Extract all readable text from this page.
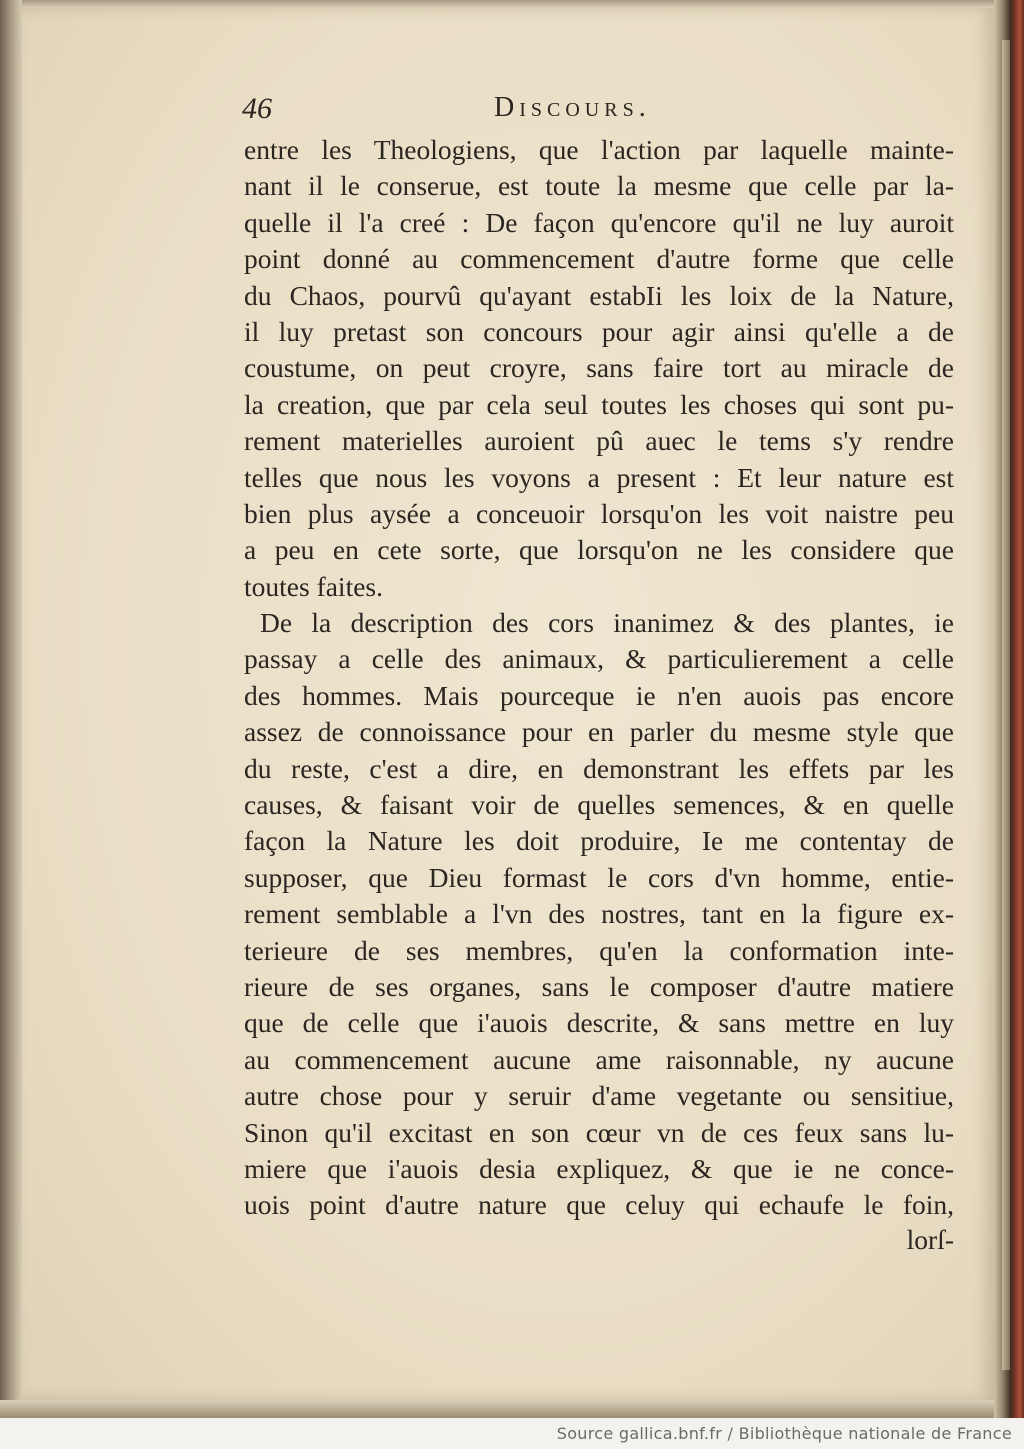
46	Discours.
entre les Theologiens, que l'action par laquelle mainte-
nant il le conserue, est toute la mesme que celle par la-
quelle il l'a creé : De façon qu'encore qu'il ne luy auroit
point donné au commencement d'autre forme que celle
du Chaos, pourvû qu'ayant estabIi les loix de la Nature,
il luy pretast son concours pour agir ainsi qu'elle a de
coustume, on peut croyre, sans faire tort au miracle de
la creation, que par cela seul toutes les choses qui sont pu-
rement materielles auroient pû auec le tems s'y rendre
telles que nous les voyons a present : Et leur nature est
bien plus aysée a conceuoir lorsqu'on les voit naistre peu
a peu en cete sorte, que lorsqu'on ne les considere que
toutes faites.
De la description des cors inanimez & des plantes, ie
passay a celle des animaux, & particulierement a celle
des hommes. Mais pourceque ie n'en auois pas encore
assez de connoissance pour en parler du mesme style que
du reste, c'est a dire, en demonstrant les effets par les
causes, & faisant voir de quelles semences, & en quelle
façon la Nature les doit produire, Ie me contentay de
supposer, que Dieu formast le cors d'vn homme, entie-
rement semblable a l'vn des nostres, tant en la figure ex-
terieure de ses membres, qu'en la conformation inte-
rieure de ses organes, sans le composer d'autre matiere
que de celle que i'auois descrite, & sans mettre en luy
au commencement aucune ame raisonnable, ny aucune
autre chose pour y seruir d'ame vegetante ou sensitiue,
Sinon qu'il excitast en son cœur vn de ces feux sans lu-
miere que i'auois desia expliquez, & que ie ne conce-
uois point d'autre nature que celuy qui echaufe le foin,
lorſ-
Source gallica.bnf.fr / Bibliothèque nationale de France
